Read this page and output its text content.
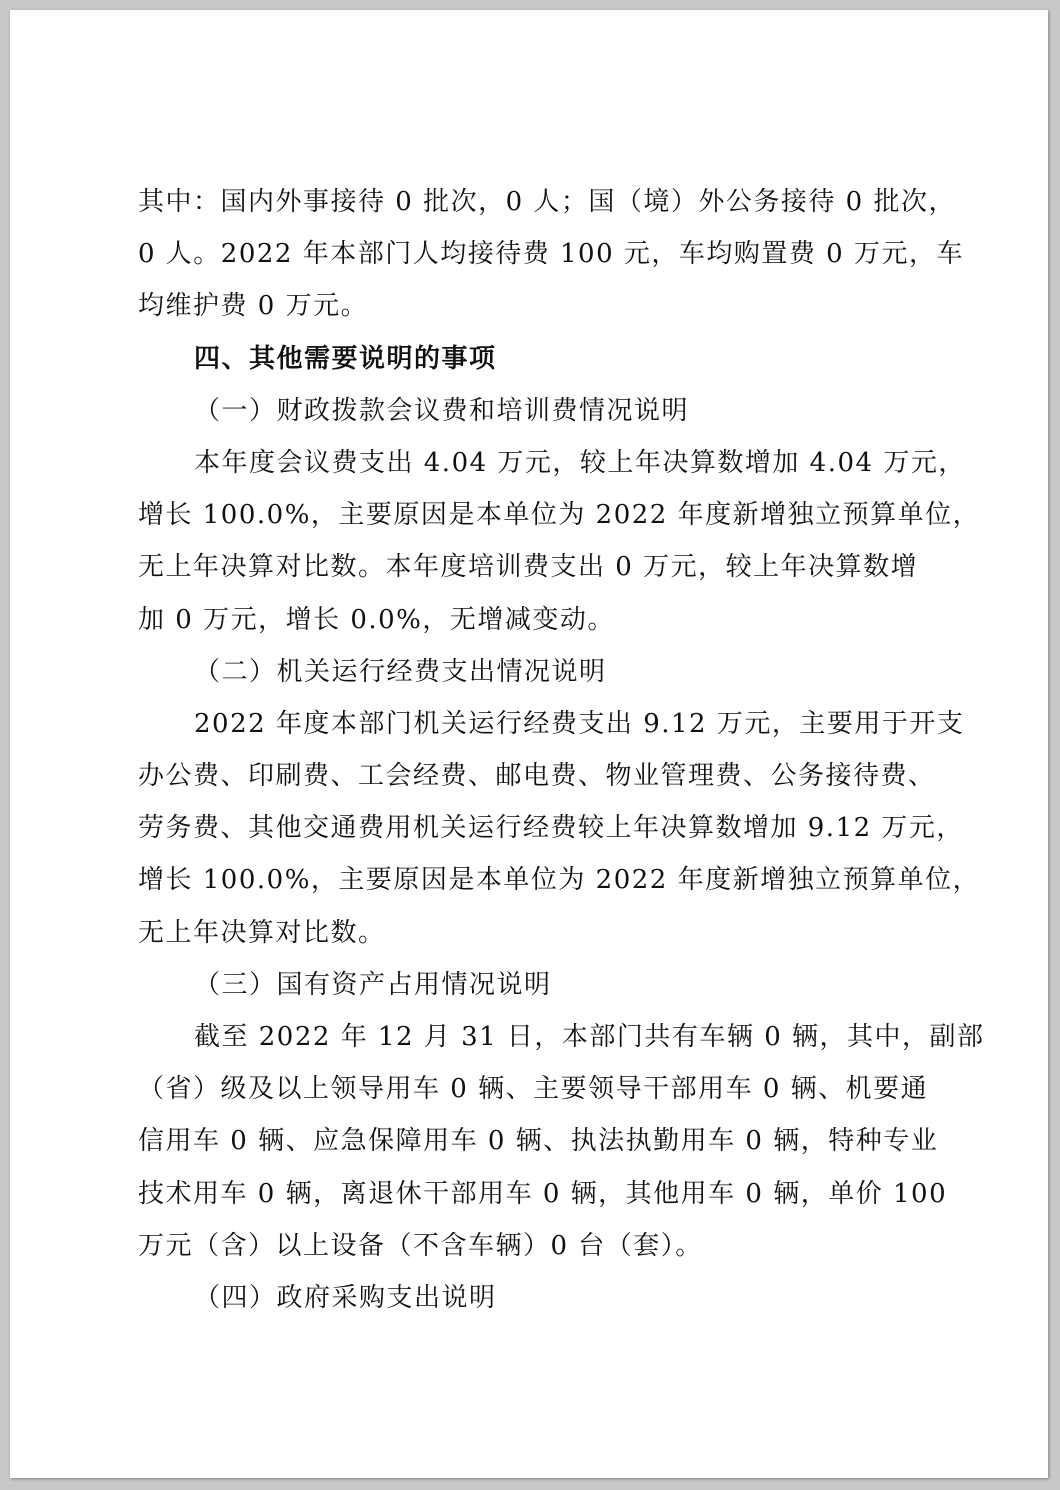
其中：国内外事接待 0 批次，0 人；国（境）外公务接待 0 批次，
0 人。2022 年本部门人均接待费 100 元，车均购置费 0 万元，车
均维护费 0 万元。
四、其他需要说明的事项
（一）财政拨款会议费和培训费情况说明
本年度会议费支出 4.04 万元，较上年决算数增加 4.04 万元，
增长 100.0%，主要原因是本单位为 2022 年度新增独立预算单位，
无上年决算对比数。本年度培训费支出 0 万元，较上年决算数增
加 0 万元，增长 0.0%，无增减变动。
（二）机关运行经费支出情况说明
2022 年度本部门机关运行经费支出 9.12 万元，主要用于开支
办公费、印刷费、工会经费、邮电费、物业管理费、公务接待费、
劳务费、其他交通费用机关运行经费较上年决算数增加 9.12 万元，
增长 100.0%，主要原因是本单位为 2022 年度新增独立预算单位，
无上年决算对比数。
（三）国有资产占用情况说明
截至 2022 年 12 月 31 日，本部门共有车辆 0 辆，其中，副部
（省）级及以上领导用车 0 辆、主要领导干部用车 0 辆、机要通
信用车 0 辆、应急保障用车 0 辆、执法执勤用车 0 辆，特种专业
技术用车 0 辆，离退休干部用车 0 辆，其他用车 0 辆，单价 100
万元（含）以上设备（不含车辆）0 台（套）。
（四）政府采购支出说明
